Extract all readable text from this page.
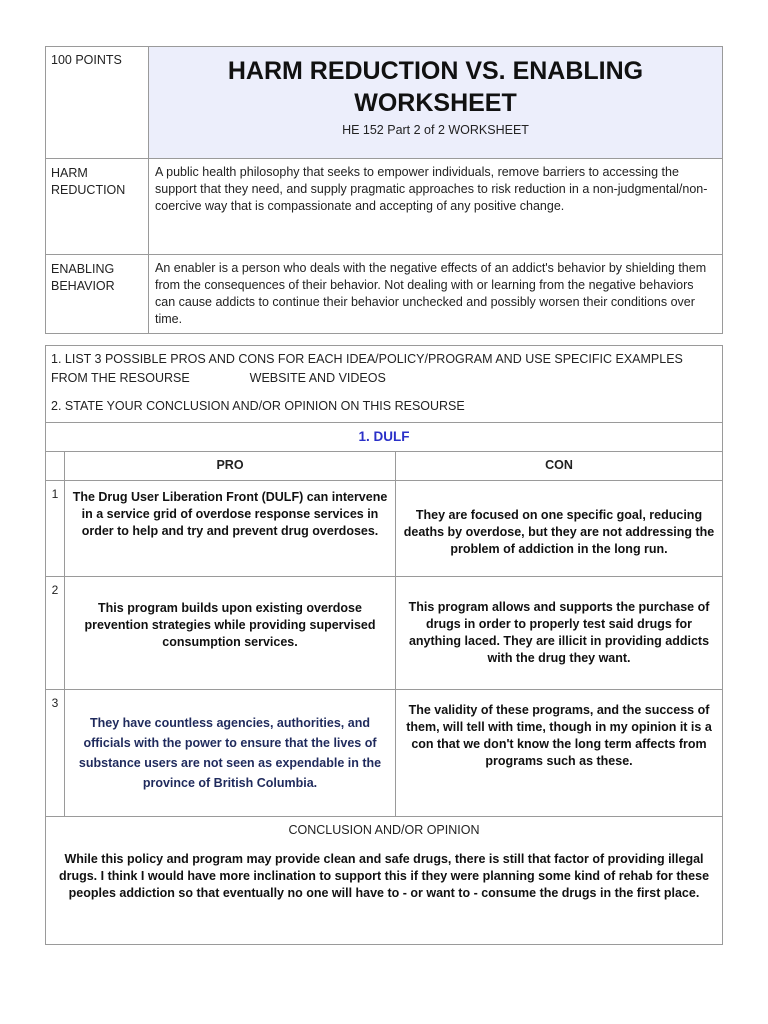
100 POINTS	HARM REDUCTION VS. ENABLING WORKSHEET
HE 152 Part 2 of 2 WORKSHEET

HARM REDUCTION	A public health philosophy that seeks to empower individuals, remove barriers to accessing the support that they need, and supply pragmatic approaches to risk reduction in a non-judgmental/non-coercive way that is compassionate and accepting of any positive change.
ENABLING BEHAVIOR	An enabler is a person who deals with the negative effects of an addict's behavior by shielding them from the consequences of their behavior. Not dealing with or learning from the negative behaviors can cause addicts to continue their behavior unchecked and possibly worsen their conditions over time.

1. LIST 3 POSSIBLE PROS AND CONS FOR EACH IDEA/POLICY/PROGRAM AND USE SPECIFIC EXAMPLES FROM THE RESOURSE WEBSITE AND VIDEOS

2. STATE YOUR CONCLUSION AND/OR OPINION ON THIS RESOURSE		

1. DULF		
	PRO	CON
1	The Drug User Liberation Front (DULF) can intervene in a service grid of overdose response services in order to help and try and prevent drug overdoses.	They are focused on one specific goal, reducing deaths by overdose, but they are not addressing the problem of addiction in the long run.

2	This program builds upon existing overdose prevention strategies while providing supervised consumption services.	This program allows and supports the purchase of drugs in order to properly test said drugs for anything laced. They are illicit in providing addicts with the drug they want.

3	They have countless agencies, authorities, and officials with the power to ensure that the lives of substance users are not seen as expendable in the province of British Columbia.	The validity of these programs, and the success of them, will tell with time, though in my opinion it is a con that we don't know the long term affects from programs such as these.

CONCLUSION AND/OR OPINION
While this policy and program may provide clean and safe drugs, there is still that factor of providing illegal drugs. I think I would have more inclination to support this if they were planning some kind of rehab for these peoples addiction so that eventually no one will have to - or want to - consume the drugs in the first place.		
